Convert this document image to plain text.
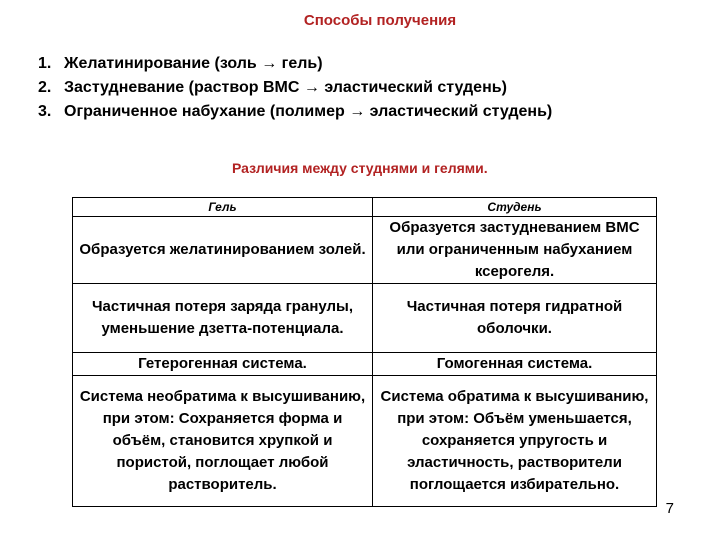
Способы получения
1. Желатинирование (золь → гель)
2. Застудневание (раствор ВМС → эластический студень)
3. Ограниченное набухание (полимер → эластический студень)
Различия между студнями и гелями.
Гель	Студень
Образуется желатинированием золей.	Образуется застудневанием ВМС или ограниченным набуханием ксерогеля.
Частичная потеря заряда гранулы, уменьшение дзетта-потенциала.	Частичная потеря гидратной оболочки.
Гетерогенная система.	Гомогенная система.
Система необратима к высушиванию, при этом: Сохраняется форма и объём, становится хрупкой и пористой, поглощает любой растворитель.	Система обратима к высушиванию, при этом: Объём уменьшается, сохраняется упругость и эластичность, растворители поглощается избирательно.
7
